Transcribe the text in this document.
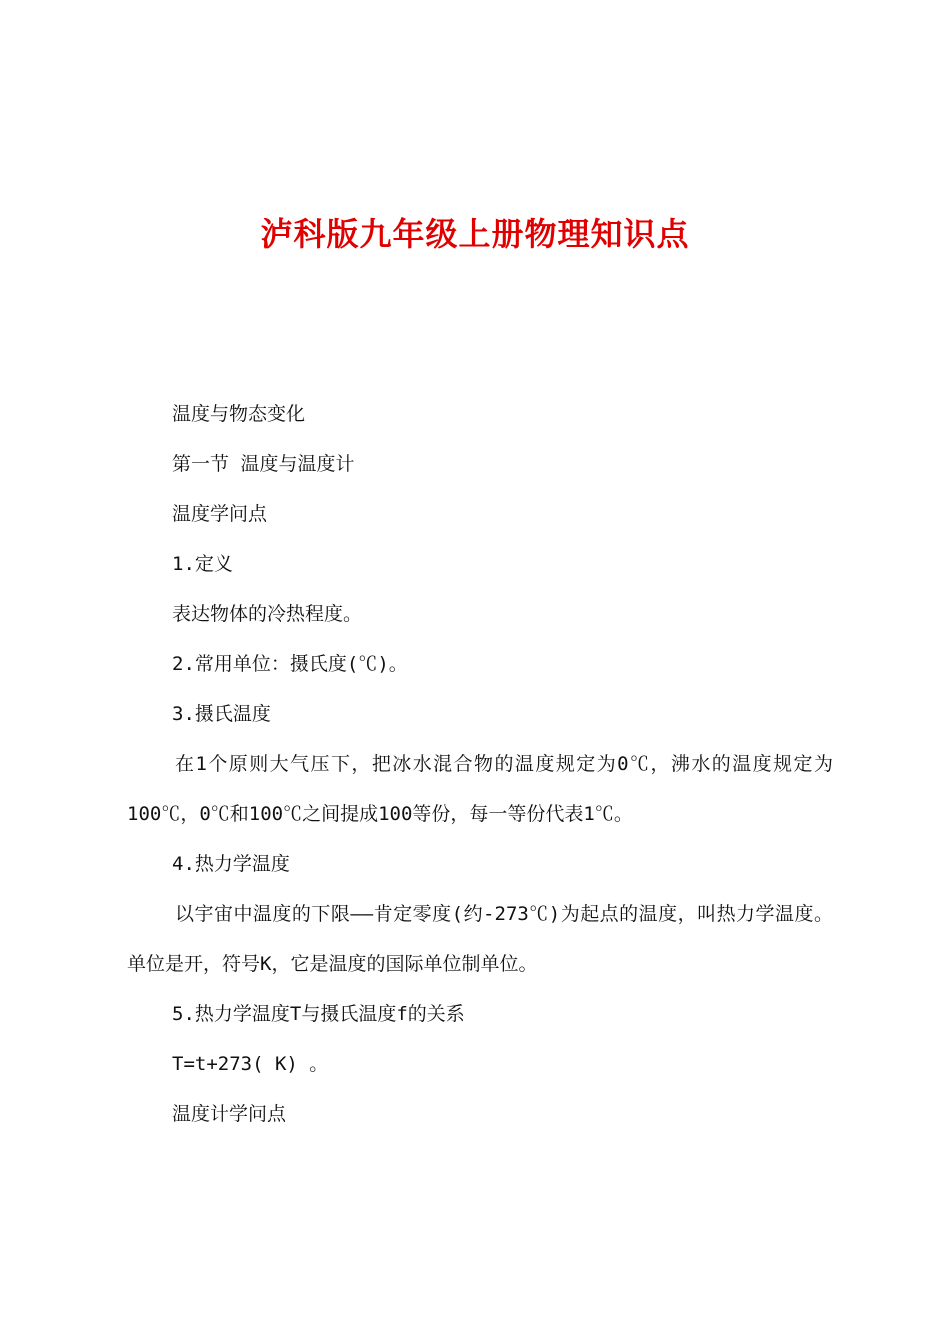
泸科版九年级上册物理知识点
温度与物态变化
第一节 温度与温度计
温度学问点
1.定义
表达物体的冷热程度。
2.常用单位：摄氏度(℃)。
3.摄氏温度
在1个原则大气压下，把冰水混合物的温度规定为0℃，沸水的温度规定为100℃，0℃和100℃之间提成100等份，每一等份代表1℃。
4.热力学温度
以宇宙中温度的下限——肯定零度(约-273℃)为起点的温度，叫热力学温度。单位是开，符号K，它是温度的国际单位制单位。
5.热力学温度T与摄氏温度f的关系
T=t+273( K) 。
温度计学问点
